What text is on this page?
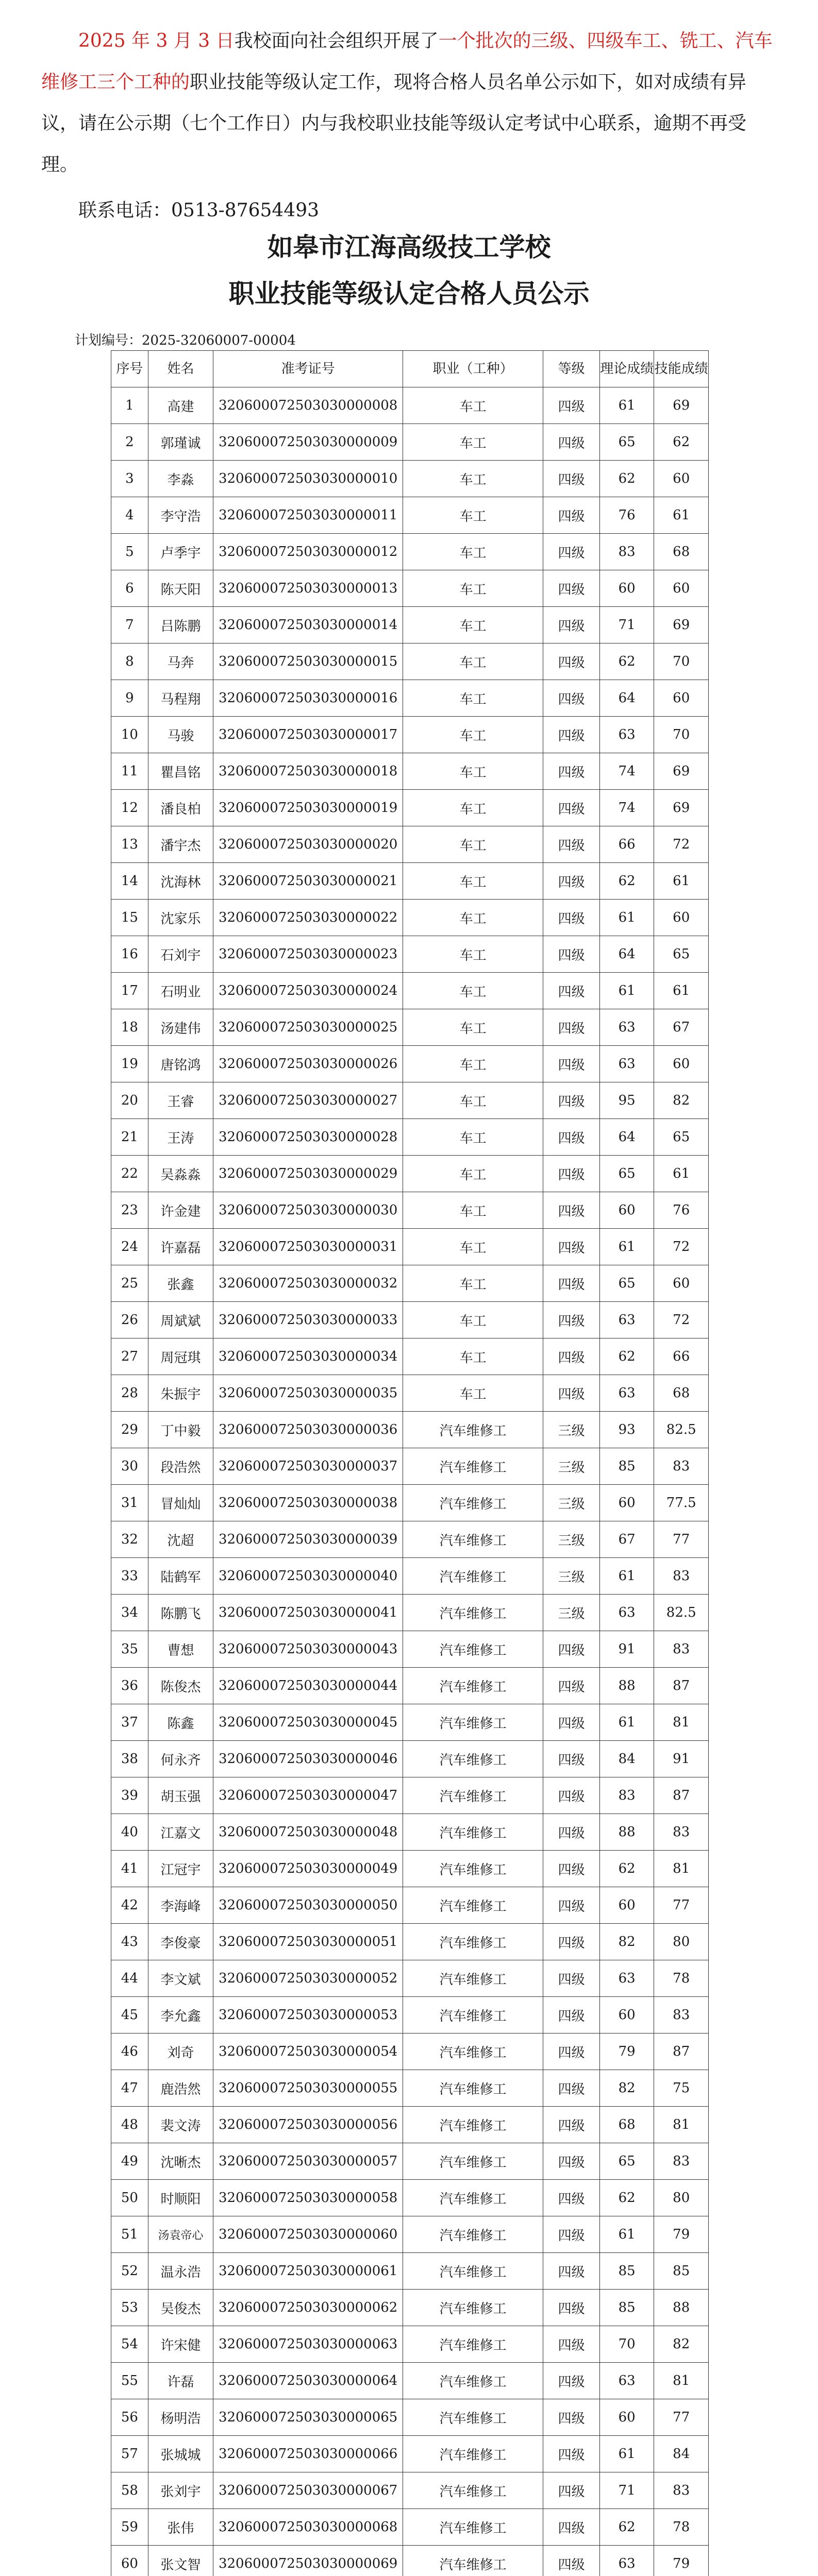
2025 年 3 月 3 日我校面向社会组织开展了一个批次的三级、四级车工、铣工、汽车维修工三个工种的职业技能等级认定工作，现将合格人员名单公示如下，如对成绩有异议，请在公示期（七个工作日）内与我校职业技能等级认定考试中心联系，逾期不再受理。

联系电话：0513-87654493
如皋市江海高级技工学校
职业技能等级认定合格人员公示
计划编号：2025-32060007-00004
序号	姓名	准考证号	职业（工种）	等级	理论成绩	技能成绩
1	高建	320600072503030000008	车工	四级	61	69
2	郭瑾诚	320600072503030000009	车工	四级	65	62
3	李淼	320600072503030000010	车工	四级	62	60
4	李守浩	320600072503030000011	车工	四级	76	61
5	卢季宇	320600072503030000012	车工	四级	83	68
6	陈天阳	320600072503030000013	车工	四级	60	60
7	吕陈鹏	320600072503030000014	车工	四级	71	69
8	马奔	320600072503030000015	车工	四级	62	70
9	马程翔	320600072503030000016	车工	四级	64	60
10	马骏	320600072503030000017	车工	四级	63	70
11	瞿昌铭	320600072503030000018	车工	四级	74	69
12	潘良柏	320600072503030000019	车工	四级	74	69
13	潘宇杰	320600072503030000020	车工	四级	66	72
14	沈海林	320600072503030000021	车工	四级	62	61
15	沈家乐	320600072503030000022	车工	四级	61	60
16	石刘宇	320600072503030000023	车工	四级	64	65
17	石明业	320600072503030000024	车工	四级	61	61
18	汤建伟	320600072503030000025	车工	四级	63	67
19	唐铭鸿	320600072503030000026	车工	四级	63	60
20	王睿	320600072503030000027	车工	四级	95	82
21	王涛	320600072503030000028	车工	四级	64	65
22	吴淼淼	320600072503030000029	车工	四级	65	61
23	许金建	320600072503030000030	车工	四级	60	76
24	许嘉磊	320600072503030000031	车工	四级	61	72
25	张鑫	320600072503030000032	车工	四级	65	60
26	周斌斌	320600072503030000033	车工	四级	63	72
27	周冠琪	320600072503030000034	车工	四级	62	66
28	朱振宇	320600072503030000035	车工	四级	63	68
29	丁中毅	320600072503030000036	汽车维修工	三级	93	82.5
30	段浩然	320600072503030000037	汽车维修工	三级	85	83
31	冒灿灿	320600072503030000038	汽车维修工	三级	60	77.5
32	沈超	320600072503030000039	汽车维修工	三级	67	77
33	陆鹤军	320600072503030000040	汽车维修工	三级	61	83
34	陈鹏飞	320600072503030000041	汽车维修工	三级	63	82.5
35	曹想	320600072503030000043	汽车维修工	四级	91	83
36	陈俊杰	320600072503030000044	汽车维修工	四级	88	87
37	陈鑫	320600072503030000045	汽车维修工	四级	61	81
38	何永齐	320600072503030000046	汽车维修工	四级	84	91
39	胡玉强	320600072503030000047	汽车维修工	四级	83	87
40	江嘉文	320600072503030000048	汽车维修工	四级	88	83
41	江冠宇	320600072503030000049	汽车维修工	四级	62	81
42	李海峰	320600072503030000050	汽车维修工	四级	60	77
43	李俊豪	320600072503030000051	汽车维修工	四级	82	80
44	李文斌	320600072503030000052	汽车维修工	四级	63	78
45	李允鑫	320600072503030000053	汽车维修工	四级	60	83
46	刘奇	320600072503030000054	汽车维修工	四级	79	87
47	鹿浩然	320600072503030000055	汽车维修工	四级	82	75
48	裴文涛	320600072503030000056	汽车维修工	四级	68	81
49	沈晰杰	320600072503030000057	汽车维修工	四级	65	83
50	时顺阳	320600072503030000058	汽车维修工	四级	62	80
51	汤袁帝心	320600072503030000060	汽车维修工	四级	61	79
52	温永浩	320600072503030000061	汽车维修工	四级	85	85
53	吴俊杰	320600072503030000062	汽车维修工	四级	85	88
54	许宋健	320600072503030000063	汽车维修工	四级	70	82
55	许磊	320600072503030000064	汽车维修工	四级	63	81
56	杨明浩	320600072503030000065	汽车维修工	四级	60	77
57	张城城	320600072503030000066	汽车维修工	四级	61	84
58	张刘宇	320600072503030000067	汽车维修工	四级	71	83
59	张伟	320600072503030000068	汽车维修工	四级	62	78
60	张文智	320600072503030000069	汽车维修工	四级	63	79
